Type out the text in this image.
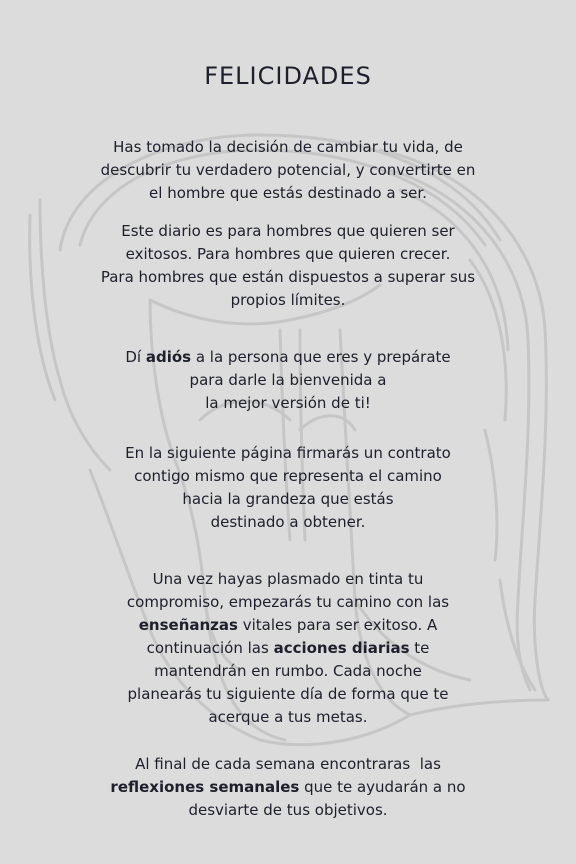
FELICIDADES

Has tomado la decisión de cambiar tu vida, de
descubrir tu verdadero potencial, y convertirte en
el hombre que estás destinado a ser.

Este diario es para hombres que quieren ser
exitosos. Para hombres que quieren crecer.
Para hombres que están dispuestos a superar sus
propios límites.

Dí adiós a la persona que eres y prepárate
para darle la bienvenida a
la mejor versión de ti!

En la siguiente página firmarás un contrato
contigo mismo que representa el camino
hacia la grandeza que estás
destinado a obtener.

Una vez hayas plasmado en tinta tu
compromiso, empezarás tu camino con las
enseñanzas vitales para ser exitoso. A
continuación las acciones diarias te
mantendrán en rumbo. Cada noche
planearás tu siguiente día de forma que te
acerque a tus metas.

Al final de cada semana encontraras  las
reflexiones semanales que te ayudarán a no
desviarte de tus objetivos.
